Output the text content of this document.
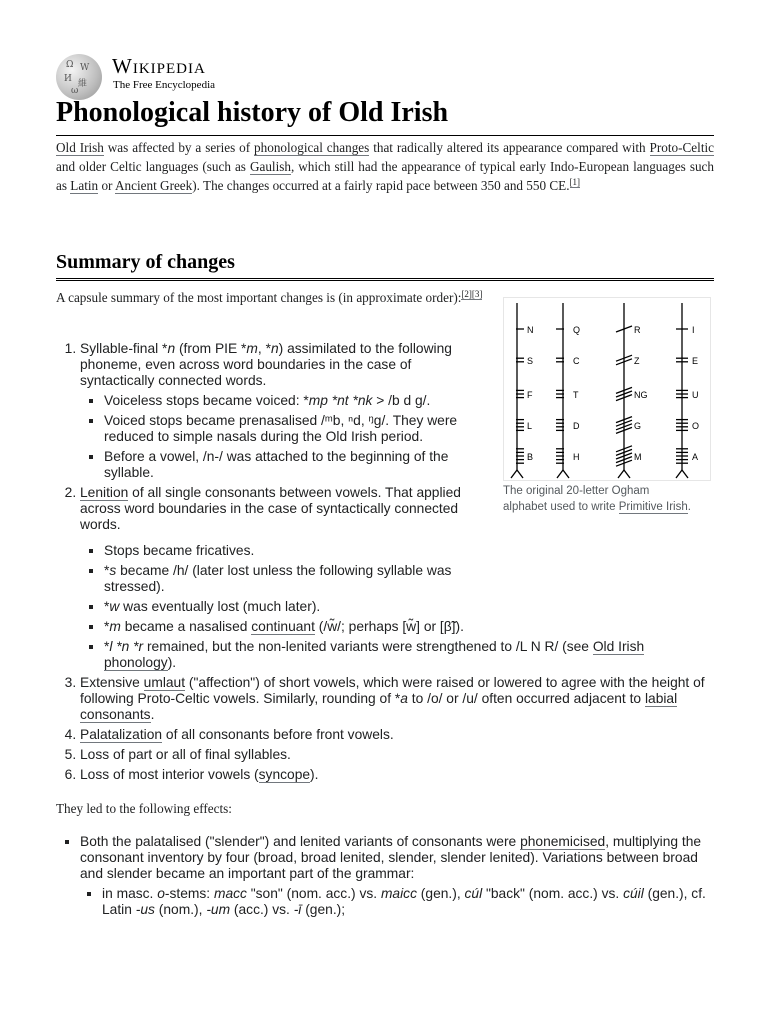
Ω W
И 維
ω
Wikipedia
The Free Encyclopedia
Phonological history of Old Irish

Old Irish was affected by a series of phonological changes that radically altered its appearance compared with Proto-Celtic and older Celtic languages (such as Gaulish, which still had the appearance of typical early Indo-European languages such as Latin or Ancient Greek). The changes occurred at a fairly rapid pace between 350 and 550 CE.[1]

Summary of changes

A capsule summary of the most important changes is (in approximate order):[2][3]

N
S
F
L
B
Q
C
T
D
H
R
Z
NG
G
M
I
E
U
O
A
The original 20-letter Ogham alphabet used to write Primitive Irish.
1. Syllable-final *n (from PIE *m, *n) assimilated to the following phoneme, even across word boundaries in the case of syntactically connected words.
▪ Voiceless stops became voiced: *mp *nt *nk > /b d g/.
▪ Voiced stops became prenasalised /ᵐb, ⁿd, ᵑg/. They were reduced to simple nasals during the Old Irish period.
▪ Before a vowel, /n-/ was attached to the beginning of the syllable.
2. Lenition of all single consonants between vowels. That applied across word boundaries in the case of syntactically connected words.
▪ Stops became fricatives.
▪ *s became /h/ (later lost unless the following syllable was stressed).
▪ *w was eventually lost (much later).
▪ *m became a nasalised continuant (/w̃/; perhaps [w̃] or [β̃]).
▪ *l *n *r remained, but the non-lenited variants were strengthened to /L N R/ (see Old Irish phonology).
3. Extensive umlaut ("affection") of short vowels, which were raised or lowered to agree with the height of following Proto-Celtic vowels. Similarly, rounding of *a to /o/ or /u/ often occurred adjacent to labial consonants.
4. Palatalization of all consonants before front vowels.
5. Loss of part or all of final syllables.
6. Loss of most interior vowels (syncope).

They led to the following effects:

▪ Both the palatalised ("slender") and lenited variants of consonants were phonemicised, multiplying the consonant inventory by four (broad, broad lenited, slender, slender lenited). Variations between broad and slender became an important part of the grammar:
▪ in masc. o-stems: macc "son" (nom. acc.) vs. maicc (gen.), cúl "back" (nom. acc.) vs. cúil (gen.), cf. Latin -us (nom.), -um (acc.) vs. -ī (gen.);
